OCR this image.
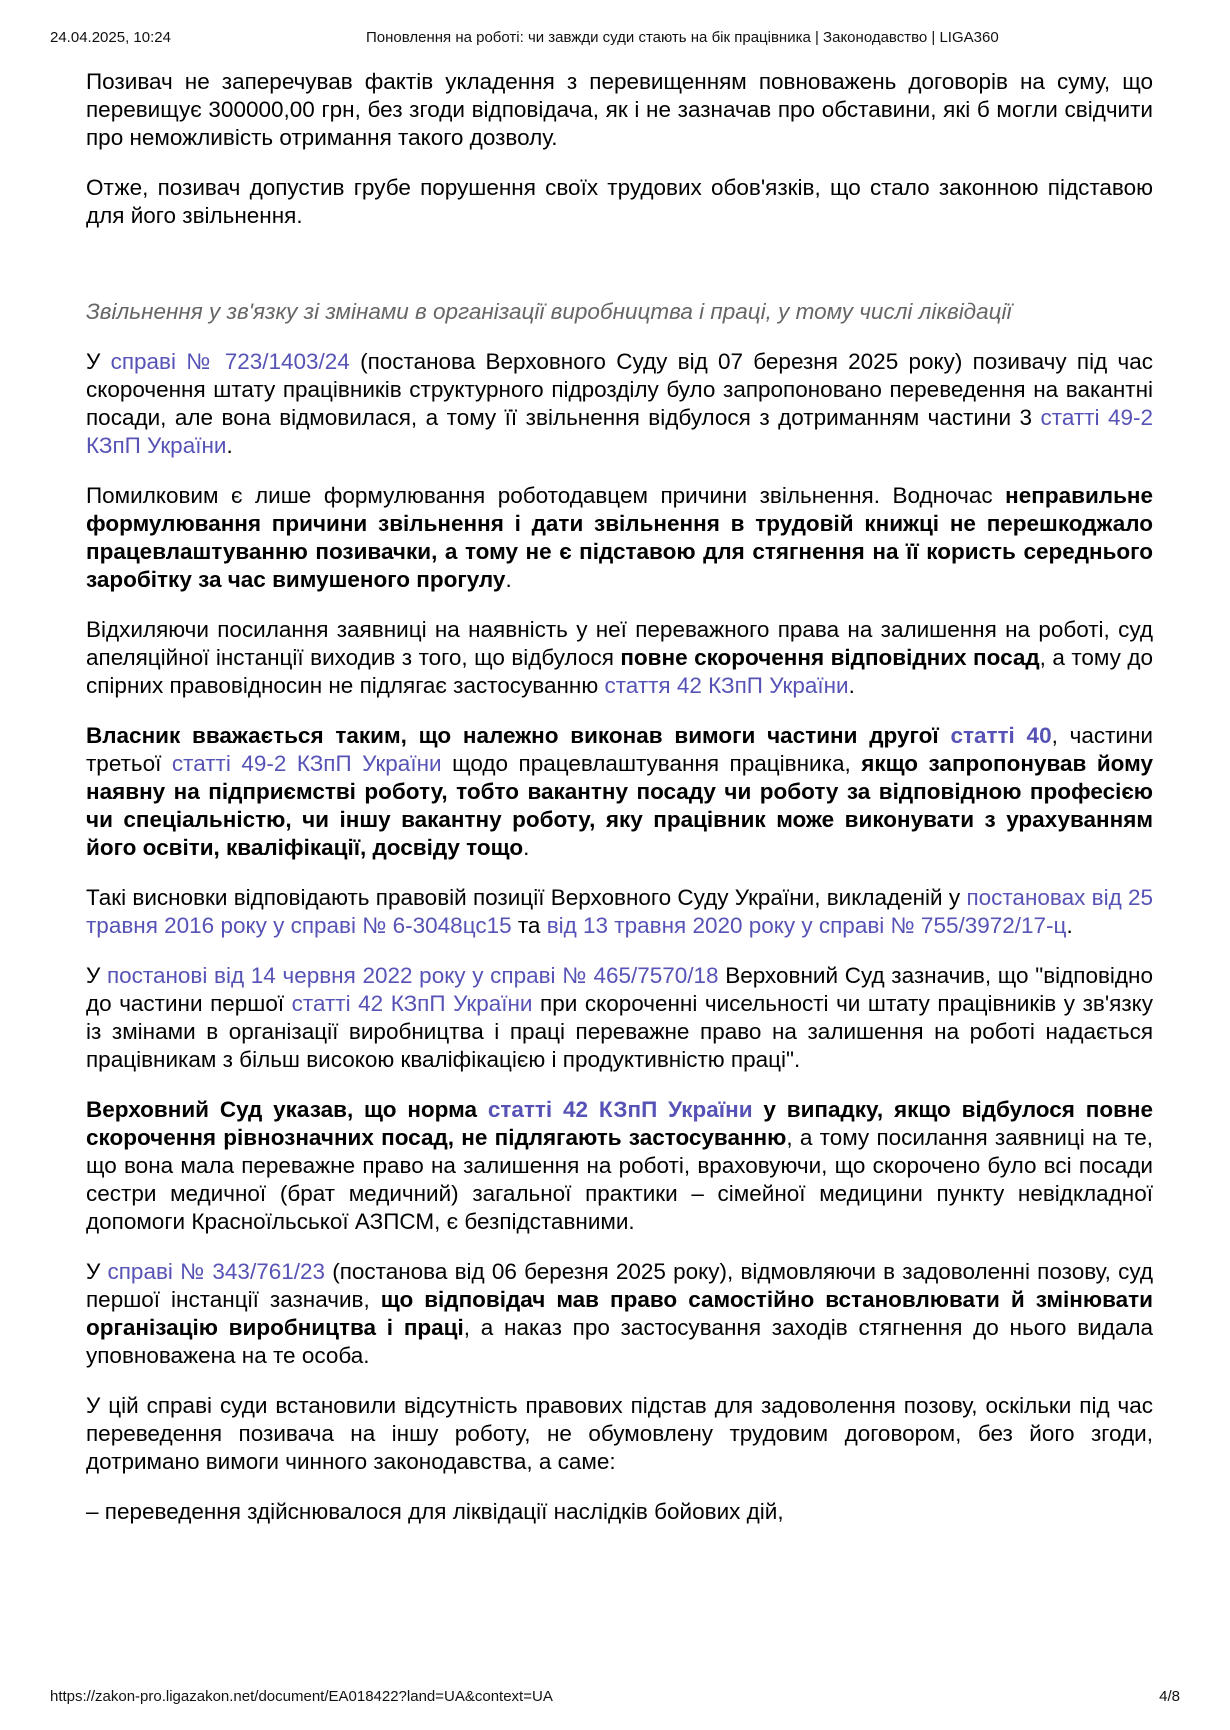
24.04.2025, 10:24	Поновлення на роботі: чи завжди суди стають на бік працівника | Законодавство | LIGA360

Позивач не заперечував фактів укладення з перевищенням повноважень договорів на суму, що перевищує 300000,00 грн, без згоди відповідача, як і не зазначав про обставини, які б могли свідчити про неможливість отримання такого дозволу.

Отже, позивач допустив грубе порушення своїх трудових обов'язків, що стало законною підставою для його звільнення.

Звільнення у зв'язку зі змінами в організації виробництва і праці, у тому числі ліквідації

У справі № 723/1403/24 (постанова Верховного Суду від 07 березня 2025 року) позивачу під час скорочення штату працівників структурного підрозділу було запропоновано переведення на вакантні посади, але вона відмовилася, а тому її звільнення відбулося з дотриманням частини 3 статті 49-2 КЗпП України.

Помилковим є лише формулювання роботодавцем причини звільнення. Водночас неправильне формулювання причини звільнення і дати звільнення в трудовій книжці не перешкоджало працевлаштуванню позивачки, а тому не є підставою для стягнення на її користь середнього заробітку за час вимушеного прогулу.

Відхиляючи посилання заявниці на наявність у неї переважного права на залишення на роботі, суд апеляційної інстанції виходив з того, що відбулося повне скорочення відповідних посад, а тому до спірних правовідносин не підлягає застосуванню стаття 42 КЗпП України.

Власник вважається таким, що належно виконав вимоги частини другої статті 40, частини третьої статті 49-2 КЗпП України щодо працевлаштування працівника, якщо запропонував йому наявну на підприємстві роботу, тобто вакантну посаду чи роботу за відповідною професією чи спеціальністю, чи іншу вакантну роботу, яку працівник може виконувати з урахуванням його освіти, кваліфікації, досвіду тощо.

Такі висновки відповідають правовій позиції Верховного Суду України, викладеній у постановах від 25 травня 2016 року у справі № 6-3048цс15 та від 13 травня 2020 року у справі № 755/3972/17-ц.

У постанові від 14 червня 2022 року у справі № 465/7570/18 Верховний Суд зазначив, що "відповідно до частини першої статті 42 КЗпП України при скороченні чисельності чи штату працівників у зв'язку із змінами в організації виробництва і праці переважне право на залишення на роботі надається працівникам з більш високою кваліфікацією і продуктивністю праці".

Верховний Суд указав, що норма статті 42 КЗпП України у випадку, якщо відбулося повне скорочення рівнозначних посад, не підлягають застосуванню, а тому посилання заявниці на те, що вона мала переважне право на залишення на роботі, враховуючи, що скорочено було всі посади сестри медичної (брат медичний) загальної практики – сімейної медицини пункту невідкладної допомоги Красноїльської АЗПСМ, є безпідставними.

У справі № 343/761/23 (постанова від 06 березня 2025 року), відмовляючи в задоволенні позову, суд першої інстанції зазначив, що відповідач мав право самостійно встановлювати й змінювати організацію виробництва і праці, а наказ про застосування заходів стягнення до нього видала уповноважена на те особа.

У цій справі суди встановили відсутність правових підстав для задоволення позову, оскільки під час переведення позивача на іншу роботу, не обумовлену трудовим договором, без його згоди, дотримано вимоги чинного законодавства, а саме:

– переведення здійснювалося для ліквідації наслідків бойових дій,

https://zakon-pro.ligazakon.net/document/EA018422?land=UA&context=UA	4/8
